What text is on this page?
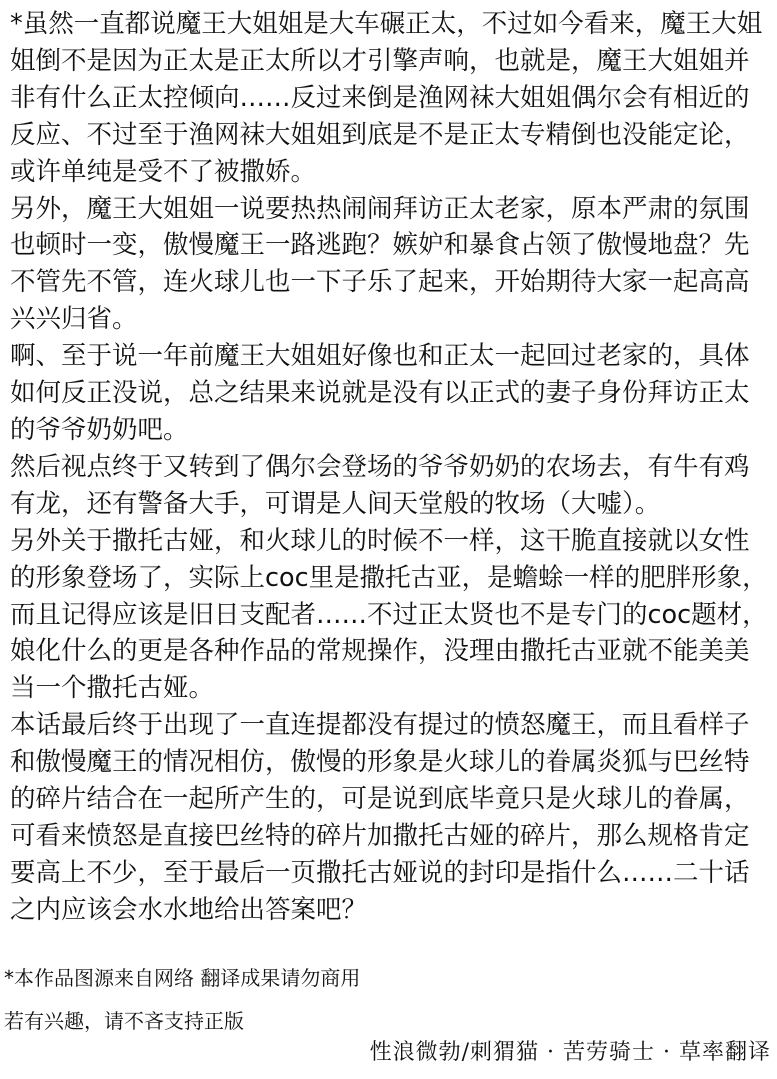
*虽然一直都说魔王大姐姐是大车碾正太，不过如今看来，魔王大姐姐倒不是因为正太是正太所以才引擎声响，也就是，魔王大姐姐并非有什么正太控倾向……反过来倒是渔网袜大姐姐偶尔会有相近的反应、不过至于渔网袜大姐姐到底是不是正太专精倒也没能定论，或许单纯是受不了被撒娇。

另外，魔王大姐姐一说要热热闹闹拜访正太老家，原本严肃的氛围也顿时一变，傲慢魔王一路逃跑？嫉妒和暴食占领了傲慢地盘？先不管先不管，连火球儿也一下子乐了起来，开始期待大家一起高高兴兴归省。

啊、至于说一年前魔王大姐姐好像也和正太一起回过老家的，具体如何反正没说，总之结果来说就是没有以正式的妻子身份拜访正太的爷爷奶奶吧。

然后视点终于又转到了偶尔会登场的爷爷奶奶的农场去，有牛有鸡有龙，还有警备大手，可谓是人间天堂般的牧场（大嘘）。

另外关于撒托古娅，和火球儿的时候不一样，这干脆直接就以女性的形象登场了，实际上coc里是撒托古亚，是蟾蜍一样的肥胖形象，而且记得应该是旧日支配者……不过正太贤也不是专门的coc题材，娘化什么的更是各种作品的常规操作，没理由撒托古亚就不能美美当一个撒托古娅。

本话最后终于出现了一直连提都没有提过的愤怒魔王，而且看样子和傲慢魔王的情况相仿，傲慢的形象是火球儿的眷属炎狐与巴丝特的碎片结合在一起所产生的，可是说到底毕竟只是火球儿的眷属，可看来愤怒是直接巴丝特的碎片加撒托古娅的碎片，那么规格肯定要高上不少，至于最后一页撒托古娅说的封印是指什么……二十话之内应该会水水地给出答案吧？

*本作品图源来自网络 翻译成果请勿商用
若有兴趣，请不吝支持正版
性浪微勃/刺猬猫 · 苦劳骑士 · 草率翻译
